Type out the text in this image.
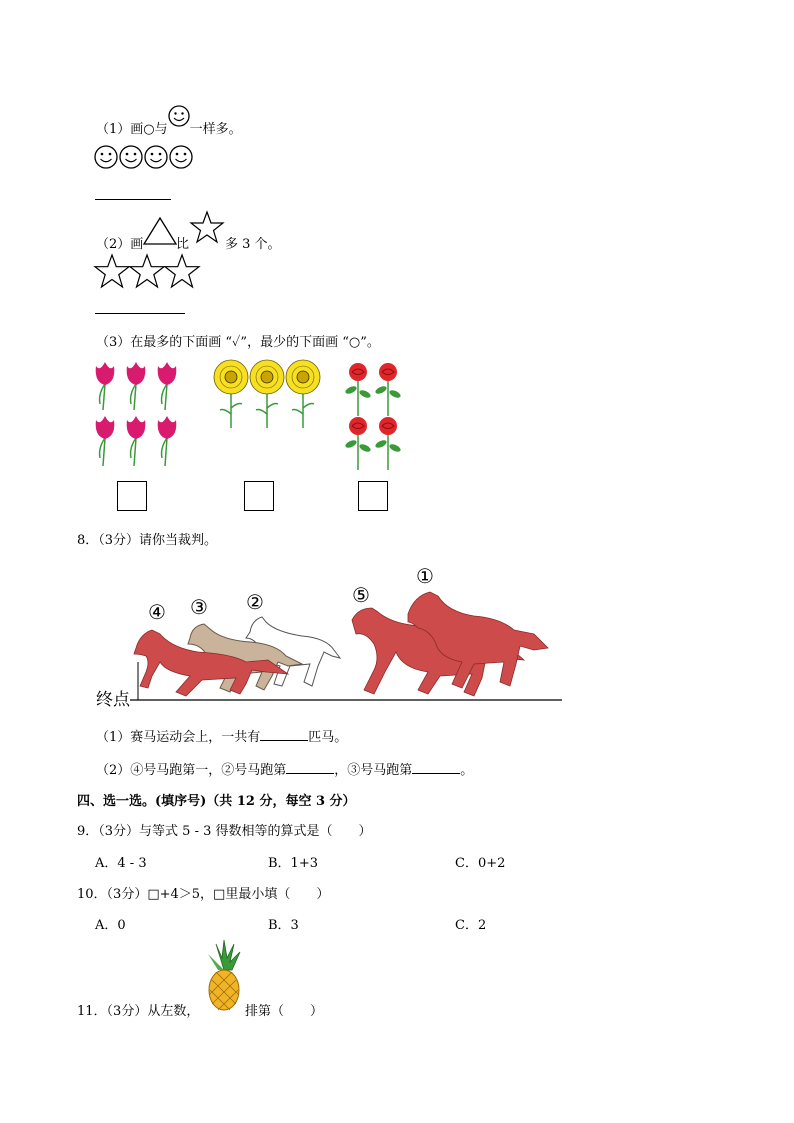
（1）画○与 一样多。
（2）画	比	多 3 个。
（3）在最多的下面画 “✓”，最少的下面画 “○”。
8．（3分）请你当裁判。
④ ③ ②	⑤
①
终点
（1）赛马运动会上，一共有	匹马。
（2）④号马跑第一，②号马跑第	，③号马跑第	。
四、选一选。(填序号)（共 12 分，每空 3 分）
9．（3分）与等式 5 - 3 得数相等的算式是（　　）
A．4 - 3	B．1+3	C．0+2
10．（3分）□+4＞5，□里最小填（　　）
A．0	B．3	C．2
11．（3分）从左数，	排第（　　）
